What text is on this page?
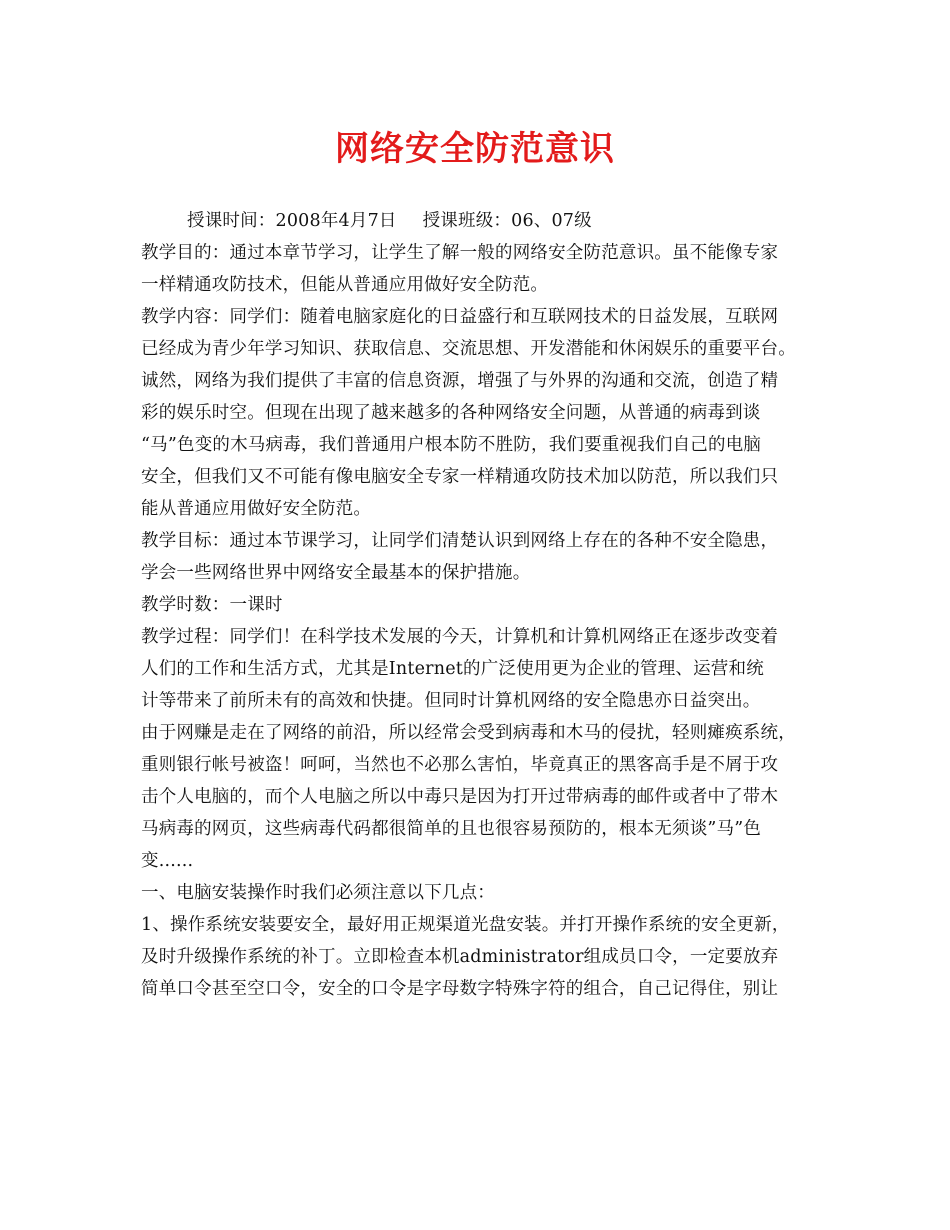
网络安全防范意识
授课时间：2008年4月7日 授课班级：06、07级
教学目的：通过本章节学习，让学生了解一般的网络安全防范意识。虽不能像专家
一样精通攻防技术，但能从普通应用做好安全防范。
教学内容：同学们：随着电脑家庭化的日益盛行和互联网技术的日益发展，互联网
已经成为青少年学习知识、获取信息、交流思想、开发潜能和休闲娱乐的重要平台。
诚然，网络为我们提供了丰富的信息资源，增强了与外界的沟通和交流，创造了精
彩的娱乐时空。但现在出现了越来越多的各种网络安全问题，从普通的病毒到谈
“马”色变的木马病毒，我们普通用户根本防不胜防，我们要重视我们自己的电脑
安全，但我们又不可能有像电脑安全专家一样精通攻防技术加以防范，所以我们只
能从普通应用做好安全防范。
教学目标：通过本节课学习，让同学们清楚认识到网络上存在的各种不安全隐患，
学会一些网络世界中网络安全最基本的保护措施。
教学时数：一课时
教学过程：同学们！在科学技术发展的今天，计算机和计算机网络正在逐步改变着
人们的工作和生活方式，尤其是Internet的广泛使用更为企业的管理、运营和统
计等带来了前所未有的高效和快捷。但同时计算机网络的安全隐患亦日益突出。
由于网赚是走在了网络的前沿，所以经常会受到病毒和木马的侵扰，轻则瘫痪系统，
重则银行帐号被盗！呵呵，当然也不必那么害怕，毕竟真正的黑客高手是不屑于攻
击个人电脑的，而个人电脑之所以中毒只是因为打开过带病毒的邮件或者中了带木
马病毒的网页，这些病毒代码都很简单的且也很容易预防的，根本无须谈”马”色
变......
一、电脑安装操作时我们必须注意以下几点：
1、操作系统安装要安全，最好用正规渠道光盘安装。并打开操作系统的安全更新，
及时升级操作系统的补丁。立即检查本机administrator组成员口令，一定要放弃
简单口令甚至空口令，安全的口令是字母数字特殊字符的组合，自己记得住，别让
